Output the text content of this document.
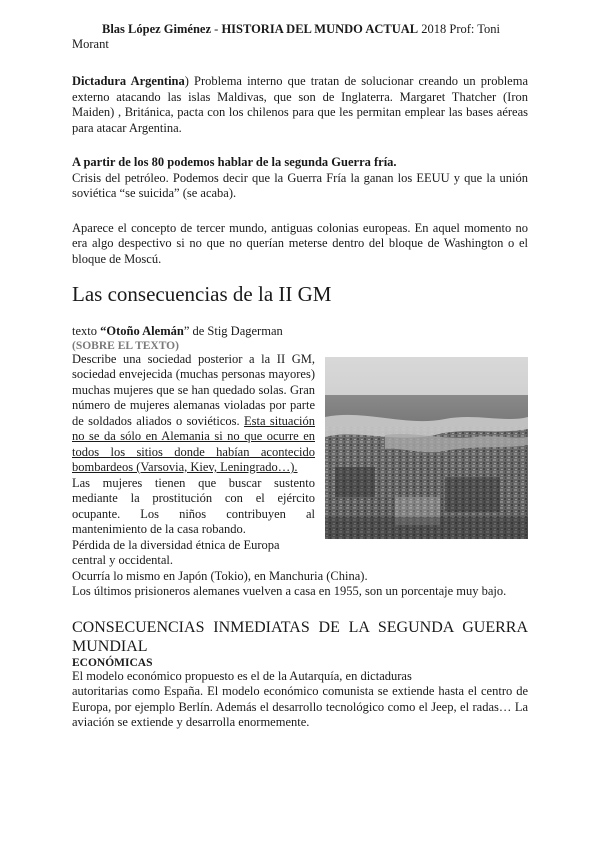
Blas López Giménez - HISTORIA DEL MUNDO ACTUAL 2018 Prof: Toni
Morant

Dictadura Argentina) Problema interno que tratan de solucionar creando un problema externo atacando las islas Maldivas, que son de Inglaterra. Margaret Thatcher (Iron Maiden) , Británica, pacta con los chilenos para que les permitan emplear las bases aéreas para atacar Argentina.

A partir de los 80 podemos hablar de la segunda Guerra fría.
Crisis del petróleo. Podemos decir que la Guerra Fría la ganan los EEUU y que la unión soviética “se suicida” (se acaba).

Aparece el concepto de tercer mundo, antiguas colonias europeas. En aquel momento no era algo despectivo si no que no querían meterse dentro del bloque de Washington o el bloque de Moscú.

Las consecuencias de la II GM

texto “Otoño Alemán” de Stig Dagerman

(SOBRE EL TEXTO)

Describe una sociedad posterior a la II GM, sociedad envejecida (muchas personas mayores) muchas mujeres que se han quedado solas. Gran número de mujeres alemanas violadas por parte de soldados aliados o soviéticos. Esta situación no se da sólo en Alemania si no que ocurre en todos los sitios donde habían acontecido bombardeos (Varsovia, Kiev, Leningrado…).

Las mujeres tienen que buscar sustento mediante la prostitución con el ejército ocupante. Los niños contribuyen al mantenimiento de la casa robando.

Pérdida de la diversidad étnica de Europa central y occidental.

Ocurría lo mismo en Japón (Tokio), en Manchuria (China).

Los últimos prisioneros alemanes vuelven a casa en 1955, son un porcentaje muy bajo.

CONSECUENCIAS INMEDIATAS DE LA SEGUNDA GUERRA MUNDIAL
ECONÓMICAS

El modelo económico propuesto es el de la Autarquía, en dictaduras

autoritarias como España. El modelo económico comunista se extiende hasta el centro de Europa, por ejemplo Berlín. Además el desarrollo tecnológico como el Jeep, el radas… La aviación se extiende y desarrolla enormemente.
